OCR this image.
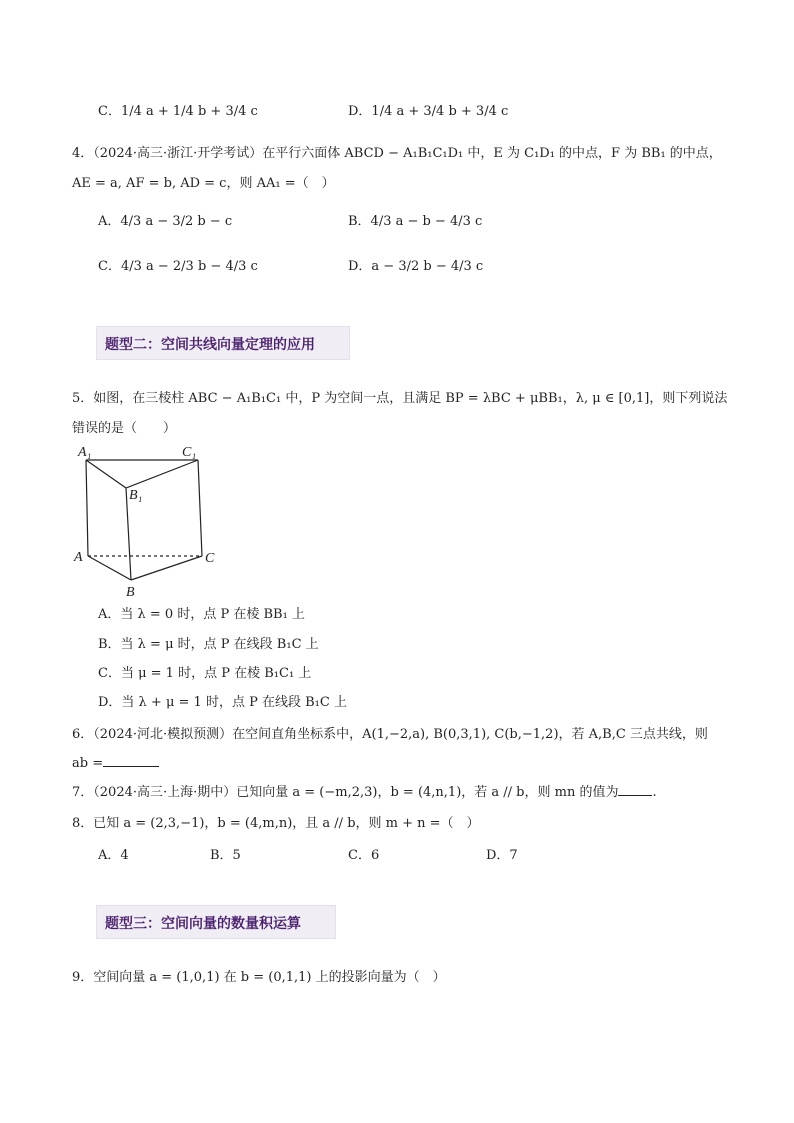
C．1/4 a + 1/4 b + 3/4 c	D．1/4 a + 3/4 b + 3/4 c
4．（2024·高三·浙江·开学考试）在平行六面体 ABCD − A₁B₁C₁D₁ 中，E 为 C₁D₁ 的中点，F 为 BB₁ 的中点，
AE = a, AF = b, AD = c，则 AA₁ =（　）
A．4/3 a − 3/2 b − c	B．4/3 a − b − 4/3 c
C．4/3 a − 2/3 b − 4/3 c	D．a − 3/2 b − 4/3 c
题型二：空间共线向量定理的应用
5．如图，在三棱柱 ABC − A₁B₁C₁ 中，P 为空间一点，且满足 BP = λBC + μBB₁，λ, μ ∈ [0,1]，则下列说法
错误的是（　　）
A₁	C₁
B₁
A	C
B
A．当 λ = 0 时，点 P 在棱 BB₁ 上
B．当 λ = μ 时，点 P 在线段 B₁C 上
C．当 μ = 1 时，点 P 在棱 B₁C₁ 上
D．当 λ + μ = 1 时，点 P 在线段 B₁C 上
6．（2024·河北·模拟预测）在空间直角坐标系中，A(1,−2,a), B(0,3,1), C(b,−1,2)，若 A,B,C 三点共线，则
ab =
7．（2024·高三·上海·期中）已知向量 a = (−m,2,3)，b = (4,n,1)，若 a // b，则 mn 的值为	.
8．已知 a = (2,3,−1)，b = (4,m,n)，且 a // b，则 m + n =（　）
A．4	B．5	C．6	D．7
题型三：空间向量的数量积运算
9．空间向量 a = (1,0,1) 在 b = (0,1,1) 上的投影向量为（　）
